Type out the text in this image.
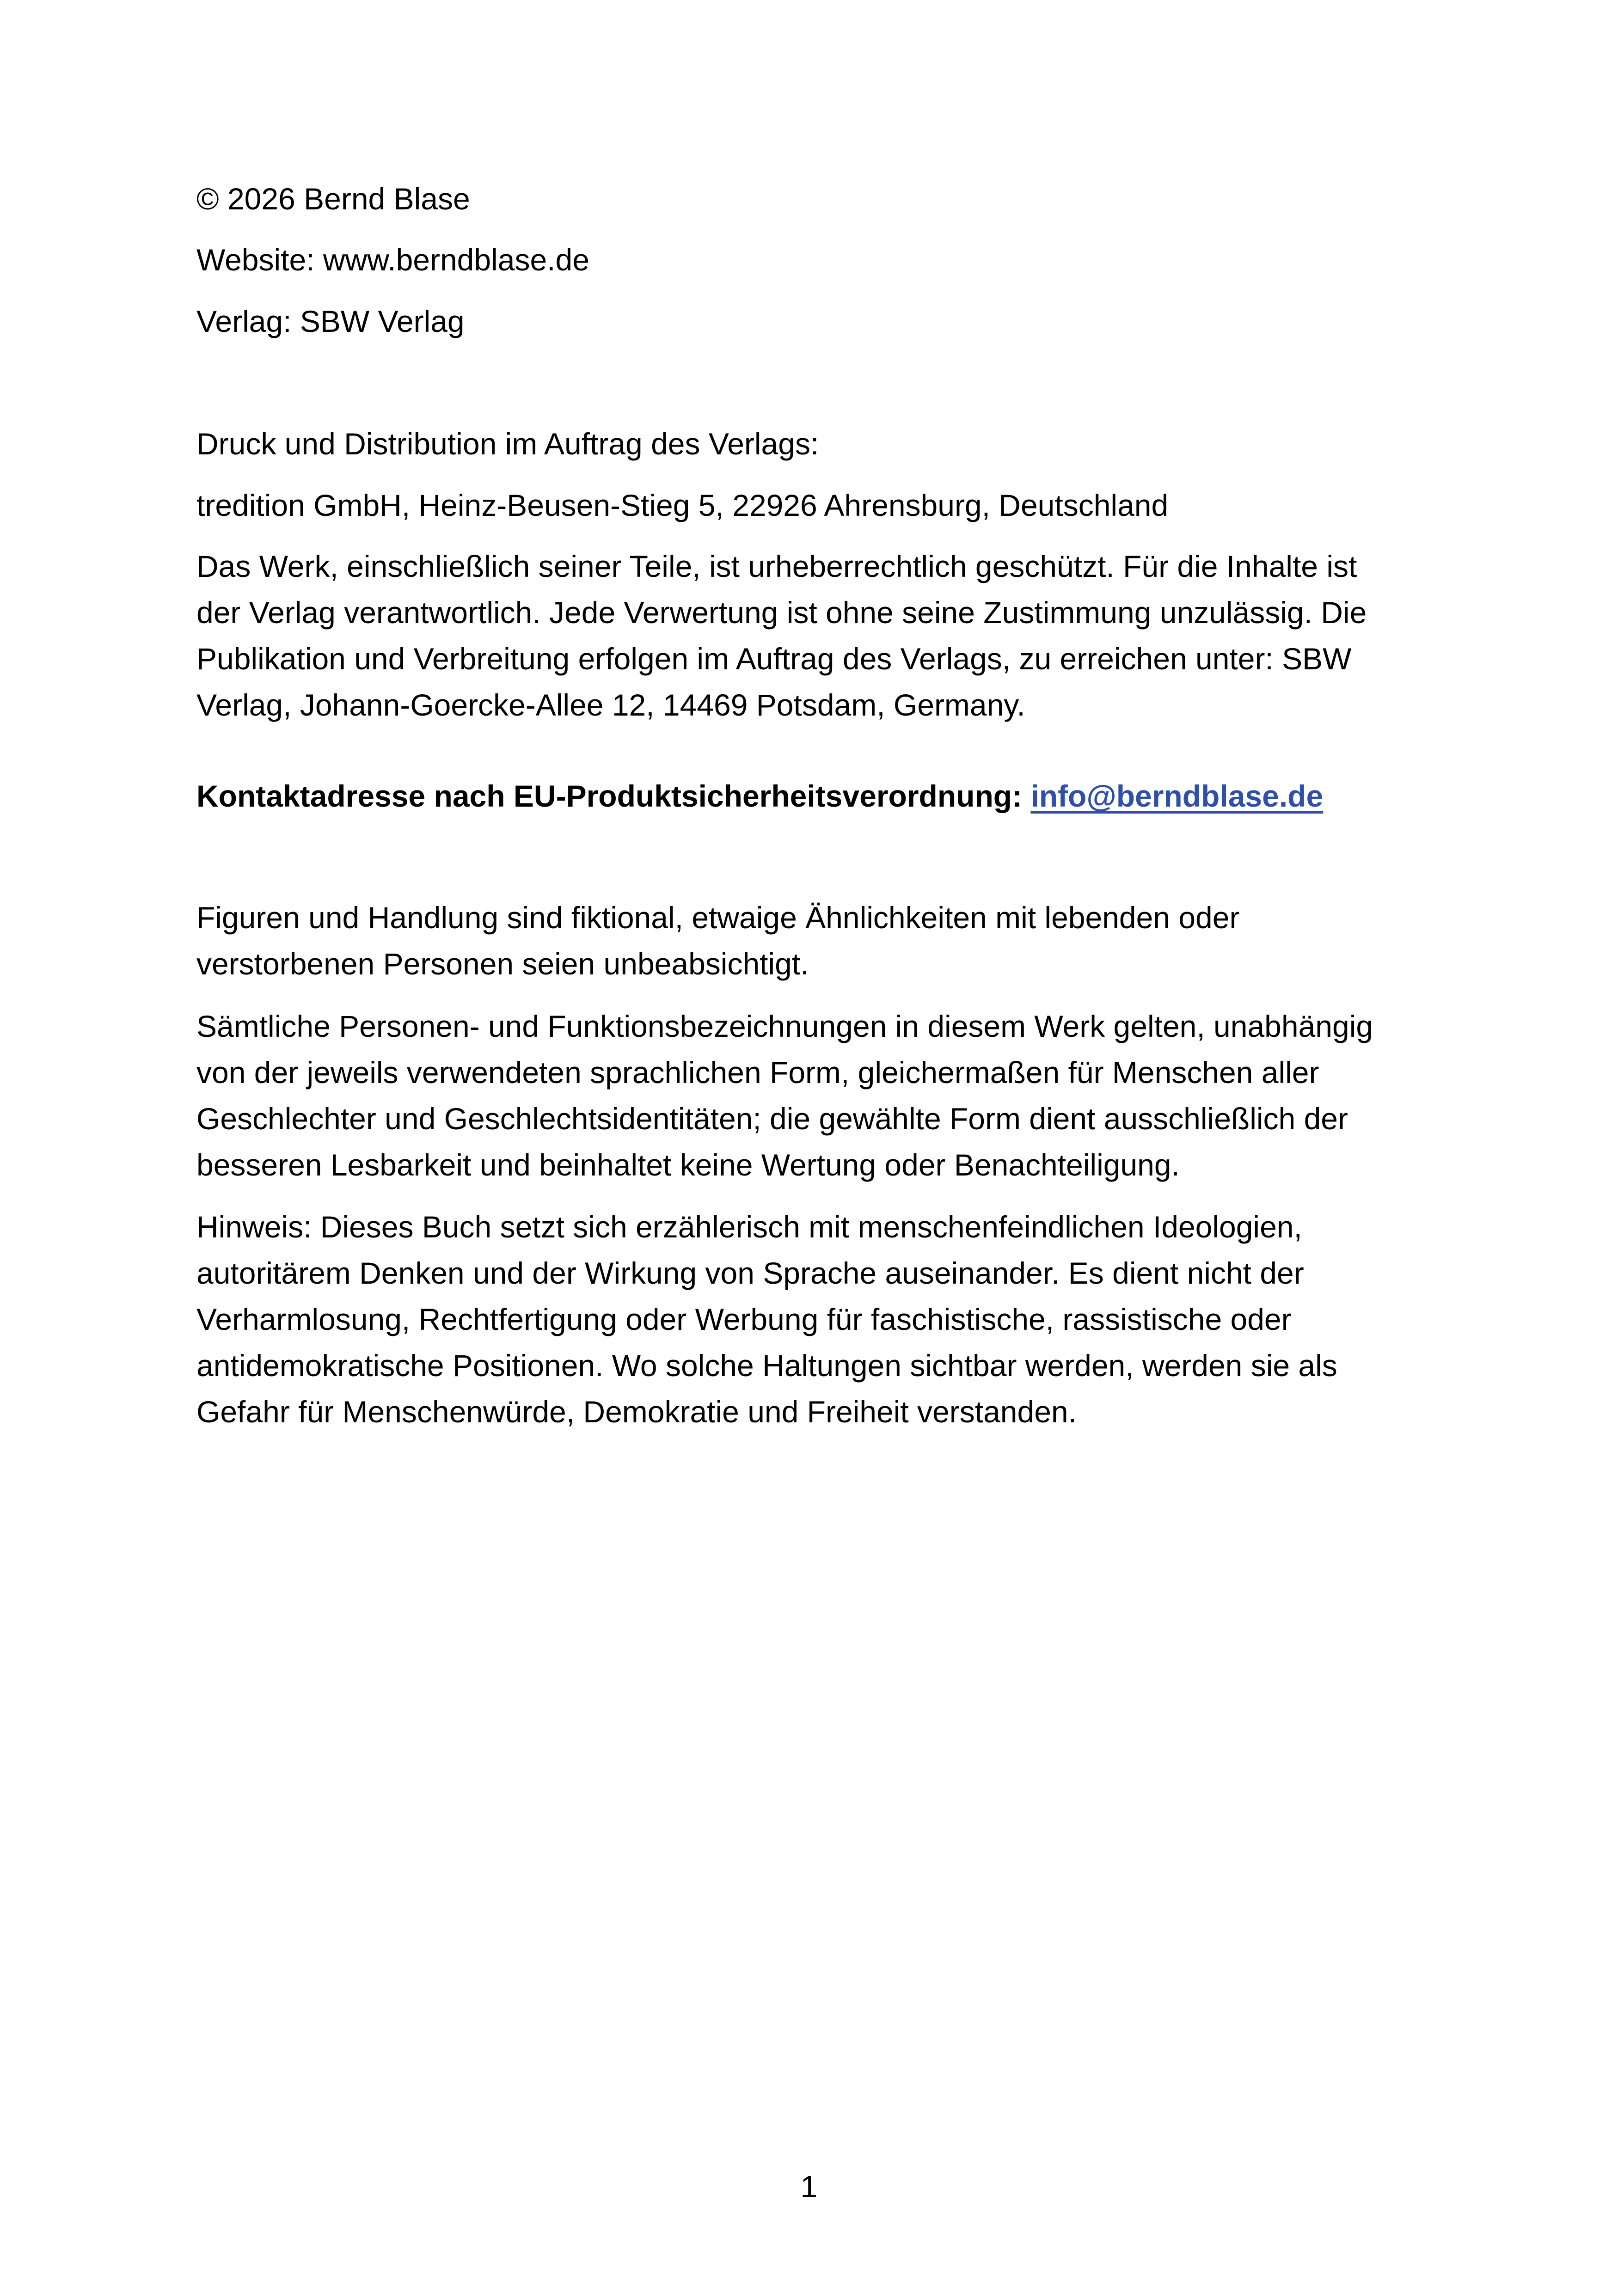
© 2026 Bernd Blase

Website: www.berndblase.de

Verlag: SBW Verlag

Druck und Distribution im Auftrag des Verlags:

tredition GmbH, Heinz-Beusen-Stieg 5, 22926 Ahrensburg, Deutschland

Das Werk, einschließlich seiner Teile, ist urheberrechtlich geschützt. Für die Inhalte ist
der Verlag verantwortlich. Jede Verwertung ist ohne seine Zustimmung unzulässig. Die
Publikation und Verbreitung erfolgen im Auftrag des Verlags, zu erreichen unter: SBW
Verlag, Johann-Goercke-Allee 12, 14469 Potsdam, Germany.

Kontaktadresse nach EU-Produktsicherheitsverordnung: info@berndblase.de

Figuren und Handlung sind fiktional, etwaige Ähnlichkeiten mit lebenden oder
verstorbenen Personen seien unbeabsichtigt.

Sämtliche Personen- und Funktionsbezeichnungen in diesem Werk gelten, unabhängig
von der jeweils verwendeten sprachlichen Form, gleichermaßen für Menschen aller
Geschlechter und Geschlechtsidentitäten; die gewählte Form dient ausschließlich der
besseren Lesbarkeit und beinhaltet keine Wertung oder Benachteiligung.

Hinweis: Dieses Buch setzt sich erzählerisch mit menschenfeindlichen Ideologien,
autoritärem Denken und der Wirkung von Sprache auseinander. Es dient nicht der
Verharmlosung, Rechtfertigung oder Werbung für faschistische, rassistische oder
antidemokratische Positionen. Wo solche Haltungen sichtbar werden, werden sie als
Gefahr für Menschenwürde, Demokratie und Freiheit verstanden.

1
